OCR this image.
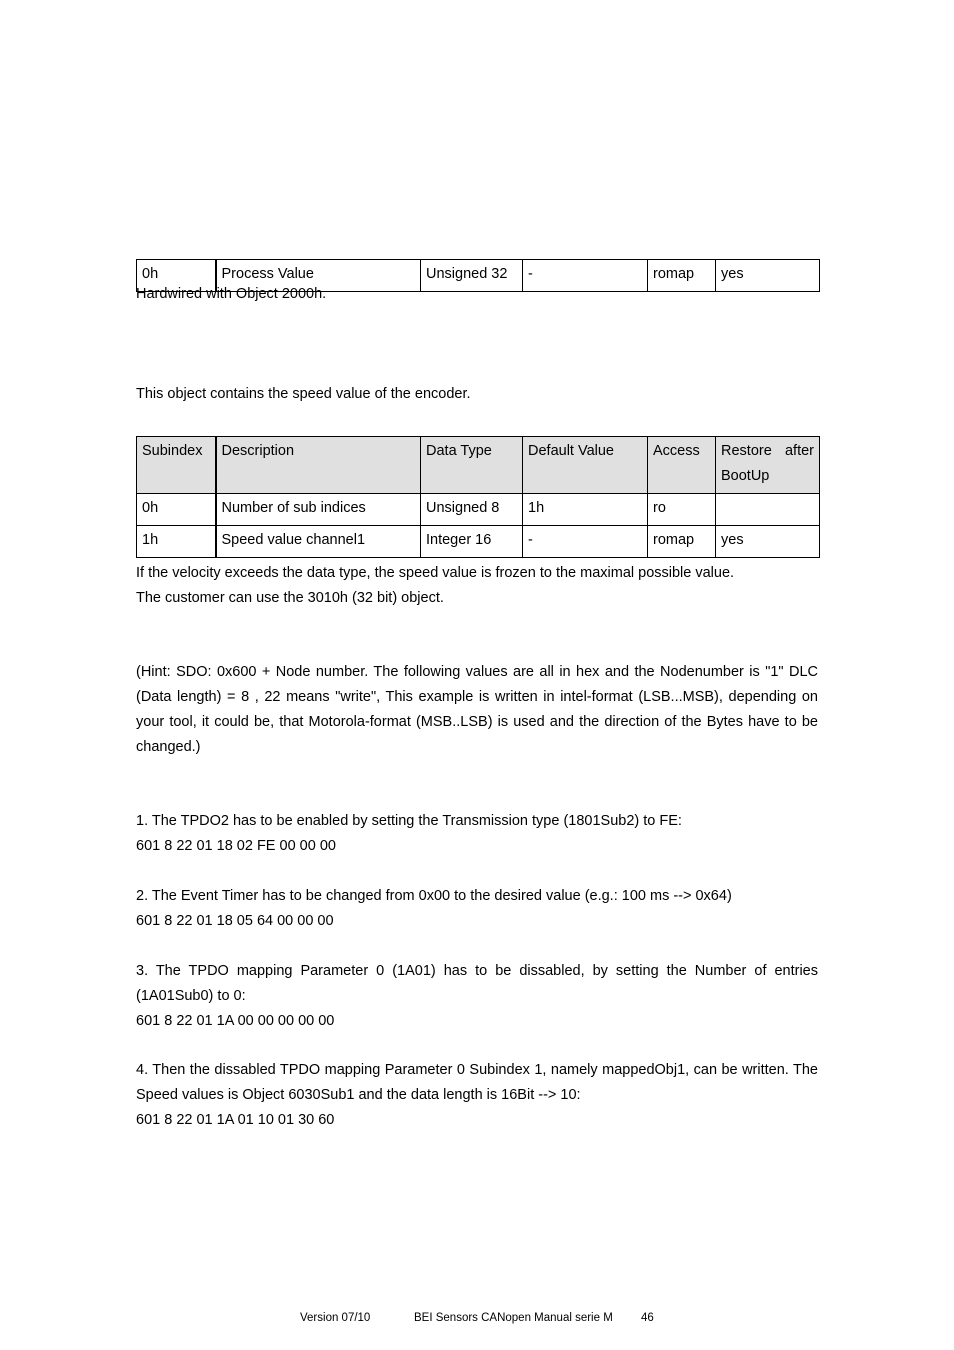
0h	Process Value	Unsigned 32	-	romap	yes
Hardwired with Object 2000h.
This object contains the speed value of the encoder.
Subindex	Description	Data Type	Default Value	Access	Restore after
BootUp

0h	Number of sub indices	Unsigned 8	1h	ro	
1h	Speed value channel1	Integer 16	-	romap	yes
If the velocity exceeds the data type, the speed value is frozen to the maximal possible value.
The customer can use the 3010h (32 bit) object.
(Hint: SDO: 0x600 + Node number. The following values are all in hex and the Nodenumber is "1" DLC (Data length) = 8 , 22 means "write", This example is written in intel-format (LSB...MSB), depending on your tool, it could be, that Motorola-format (MSB..LSB) is used and the direction of the Bytes have to be changed.)
1. The TPDO2 has to be enabled by setting the Transmission type (1801Sub2) to FE:
601 8 22 01 18 02 FE 00 00 00
2. The Event Timer has to be changed from 0x00 to the desired value (e.g.: 100 ms --> 0x64)
601 8 22 01 18 05 64 00 00 00
3. The TPDO mapping Parameter 0 (1A01) has to be dissabled, by setting the Number of entries (1A01Sub0) to 0:
601 8 22 01 1A 00 00 00 00 00
4. Then the dissabled TPDO mapping Parameter 0 Subindex 1, namely mappedObj1, can be written. The Speed values is Object 6030Sub1 and the data length is 16Bit --> 10:
601 8 22 01 1A 01 10 01 30 60
Version 07/10	BEI Sensors CANopen Manual serie M 46
